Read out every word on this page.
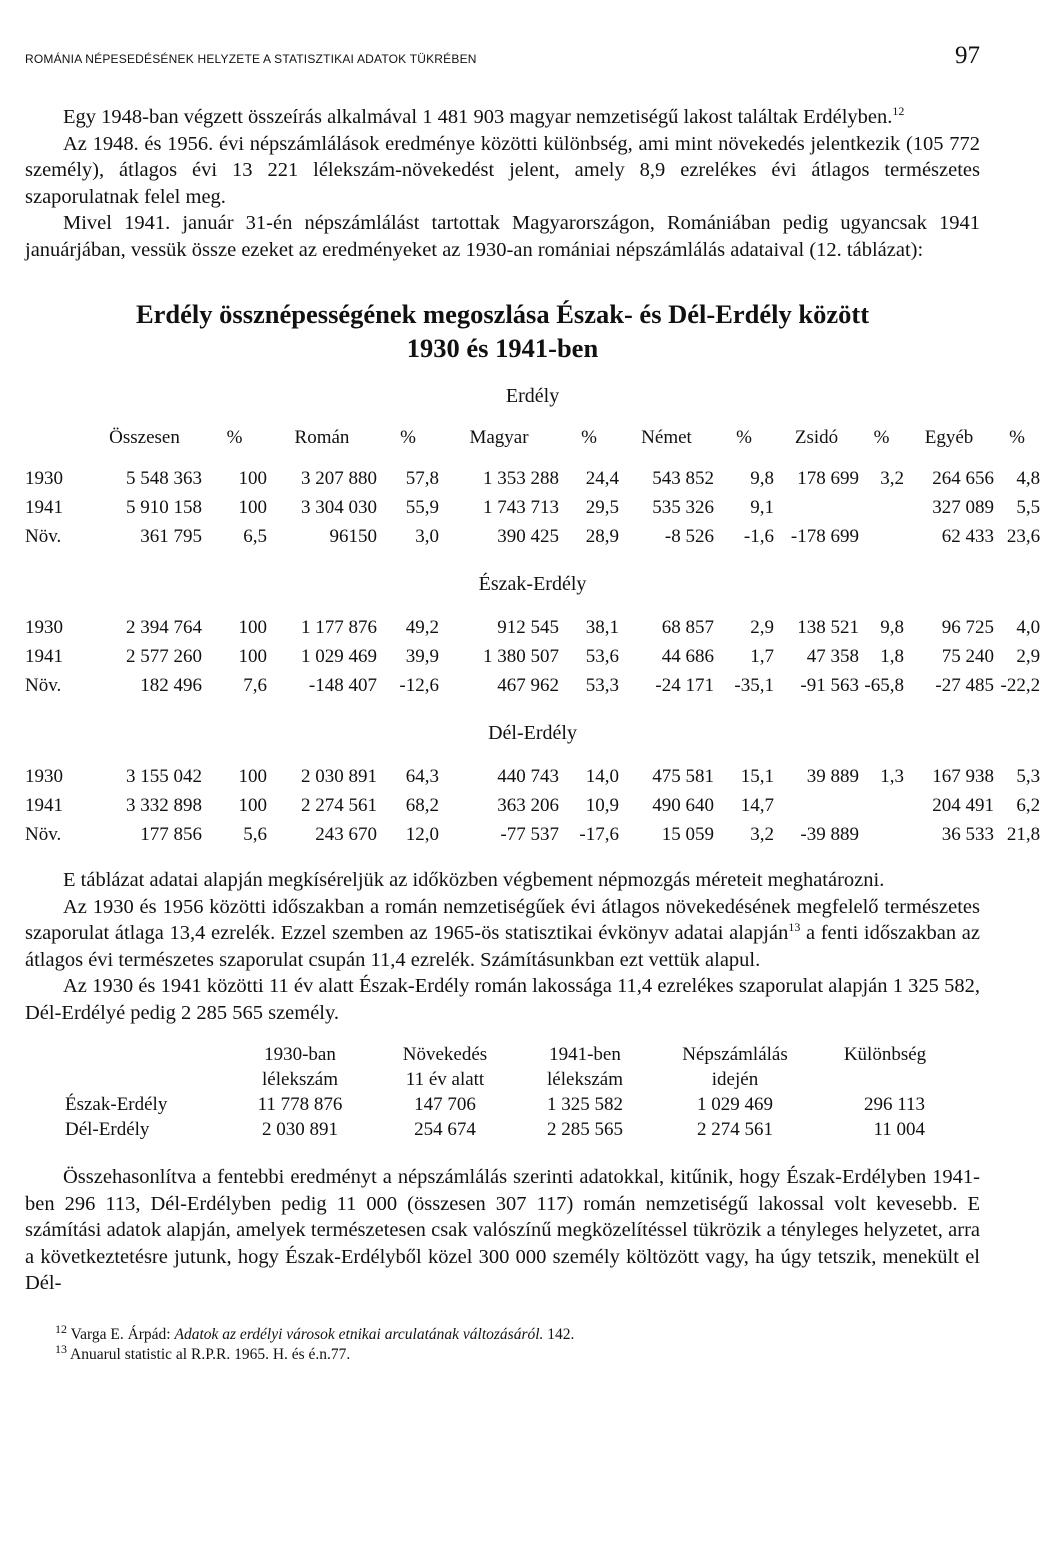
ROMÁNIA NÉPESEDÉSÉNEK HELYZETE A STATISZTIKAI ADATOK TÜKRÉBEN	97

Egy 1948-ban végzett összeírás alkalmával 1 481 903 magyar nemzetiségű lakost találtak Erdélyben.$^{12}$

Az 1948. és 1956. évi népszámlálások eredménye közötti különbség, ami mint növekedés jelentkezik (105 772 személy), átlagos évi 13 221 lélekszám-növekedést jelent, amely 8,9 ezrelékes évi átlagos természetes szaporulatnak felel meg.

Mivel 1941. január 31-én népszámlálást tartottak Magyarországon, Romániában pedig ugyancsak 1941 januárjában, vessük össze ezeket az eredményeket az 1930-an romániai népszámlálás adataival (12. táblázat):

Erdély össznépességének megoszlása Észak- és Dél-Erdély között
1930 és 1941-ben
Erdély												
	Összesen	%	Román	%	Magyar	%	Német	%	Zsidó	%	Egyéb	%
1930	5 548 363	100	3 207 880	57,8	1 353 288	24,4	543 852	9,8	178 699	3,2	264 656	4,8
1941	5 910 158	100	3 304 030	55,9	1 743 713	29,5	535 326	9,1			327 089	5,5
Növ.	361 795	6,5	96150	3,0	390 425	28,9	-8 526	-1,6	-178 699		62 433	23,6
Észak-Erdély												
1930	2 394 764	100	1 177 876	49,2	912 545	38,1	68 857	2,9	138 521	9,8	96 725	4,0
1941	2 577 260	100	1 029 469	39,9	1 380 507	53,6	44 686	1,7	47 358	1,8	75 240	2,9
Növ.	182 496	7,6	-148 407	-12,6	467 962	53,3	-24 171	-35,1	-91 563	-65,8	-27 485	-22,2
Dél-Erdély												
1930	3 155 042	100	2 030 891	64,3	440 743	14,0	475 581	15,1	39 889	1,3	167 938	5,3
1941	3 332 898	100	2 274 561	68,2	363 206	10,9	490 640	14,7			204 491	6,2
Növ.	177 856	5,6	243 670	12,0	-77 537	-17,6	15 059	3,2	-39 889		36 533	21,8

E táblázat adatai alapján megkíséreljük az időközben végbement népmozgás méreteit meghatározni.

Az 1930 és 1956 közötti időszakban a román nemzetiségűek évi átlagos növekedésének megfelelő természetes szaporulat átlaga 13,4 ezrelék. Ezzel szemben az 1965-ös statisztikai évkönyv adatai alapján$^{13}$ a fenti időszakban az átlagos évi természetes szaporulat csupán 11,4 ezrelék. Számításunkban ezt vettük alapul.

Az 1930 és 1941 közötti 11 év alatt Észak-Erdély román lakossága 11,4 ezrelékes szaporulat alapján 1 325 582, Dél-Erdélyé pedig 2 285 565 személy.

	1930-ban	Növekedés	1941-ben	Népszámlálás	Különbség
	lélekszám	11 év alatt	lélekszám	idején	
Észak-Erdély	11 778 876	147 706	1 325 582	1 029 469	296 113
Dél-Erdély	2 030 891	254 674	2 285 565	2 274 561	11 004

Összehasonlítva a fentebbi eredményt a népszámlálás szerinti adatokkal, kitűnik, hogy Észak-Erdélyben 1941-ben 296 113, Dél-Erdélyben pedig 11 000 (összesen 307 117) román nemzetiségű lakossal volt kevesebb. E számítási adatok alapján, amelyek természetesen csak valószínű megközelítéssel tükrözik a tényleges helyzetet, arra a következtetésre jutunk, hogy Észak-Erdélyből közel 300 000 személy költözött vagy, ha úgy tetszik, menekült el Dél-

$^{12}$ Varga E. Árpád: Adatok az erdélyi városok etnikai arculatának változásáról. 142.
$^{13}$ Anuarul statistic al R.P.R. 1965. H. és é.n.77.
